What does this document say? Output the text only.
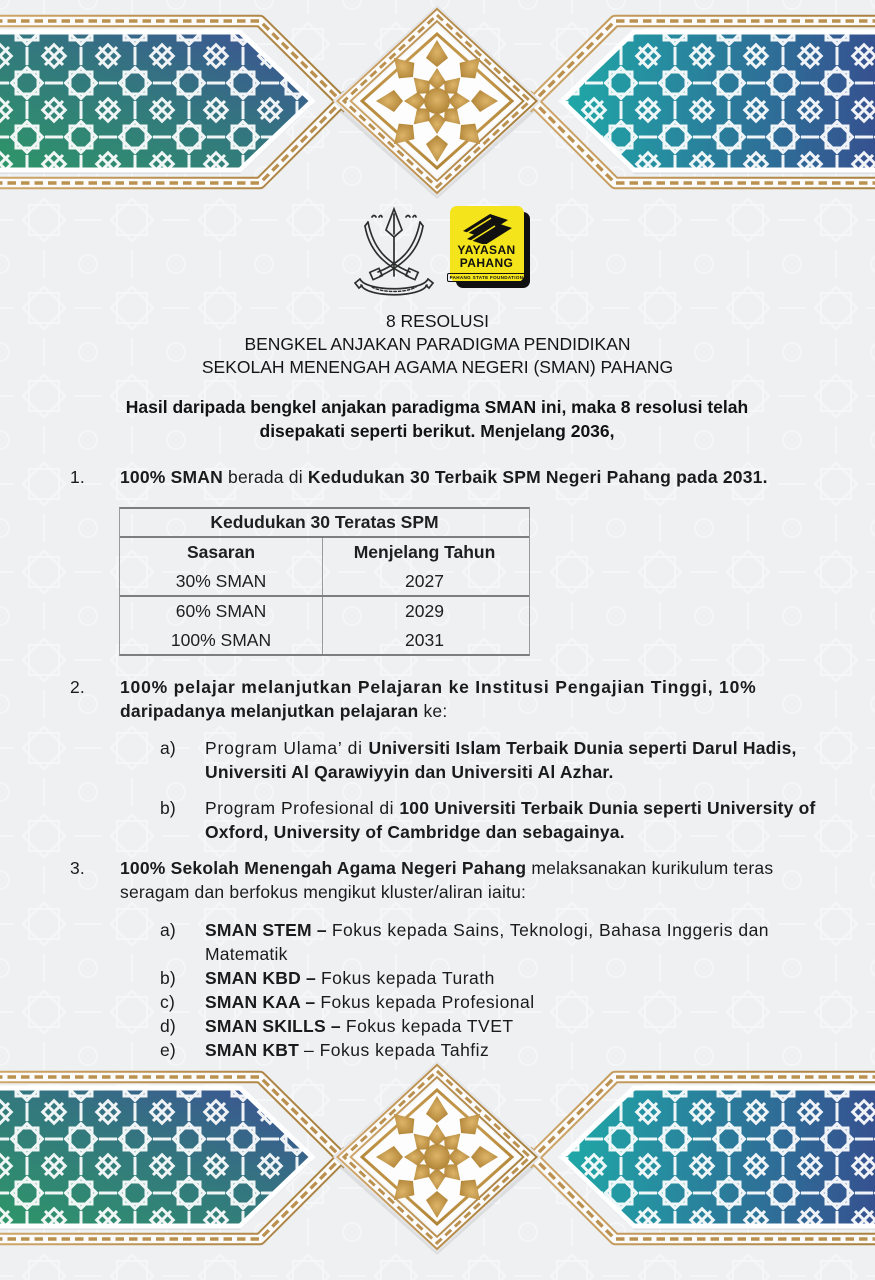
YAYASAN
PAHANG
PAHANG STATE FOUNDATION
8 RESOLUSI
BENGKEL ANJAKAN PARADIGMA PENDIDIKAN
SEKOLAH MENENGAH AGAMA NEGERI (SMAN) PAHANG
Hasil daripada bengkel anjakan paradigma SMAN ini, maka 8 resolusi telah
disepakati seperti berikut. Menjelang 2036,
1. 100% SMAN berada di Kedudukan 30 Terbaik SPM Negeri Pahang pada 2031.
Kedudukan 30 Teratas SPM
Sasaran	Menjelang Tahun
30% SMAN	2027
60% SMAN	2029
100% SMAN	2031
2. 100% pelajar melanjutkan Pelajaran ke Institusi Pengajian Tinggi, 10%
daripadanya melanjutkan pelajaran ke:
a) Program Ulama’ di Universiti Islam Terbaik Dunia seperti Darul Hadis,
Universiti Al Qarawiyyin dan Universiti Al Azhar.
b) Program Profesional di 100 Universiti Terbaik Dunia seperti University of
Oxford, University of Cambridge dan sebagainya.
3. 100% Sekolah Menengah Agama Negeri Pahang melaksanakan kurikulum teras
seragam dan berfokus mengikut kluster/aliran iaitu:
a) SMAN STEM – Fokus kepada Sains, Teknologi, Bahasa Inggeris dan
Matematik
b) SMAN KBD – Fokus kepada Turath
c) SMAN KAA – Fokus kepada Profesional
d) SMAN SKILLS – Fokus kepada TVET
e) SMAN KBT – Fokus kepada Tahfiz
